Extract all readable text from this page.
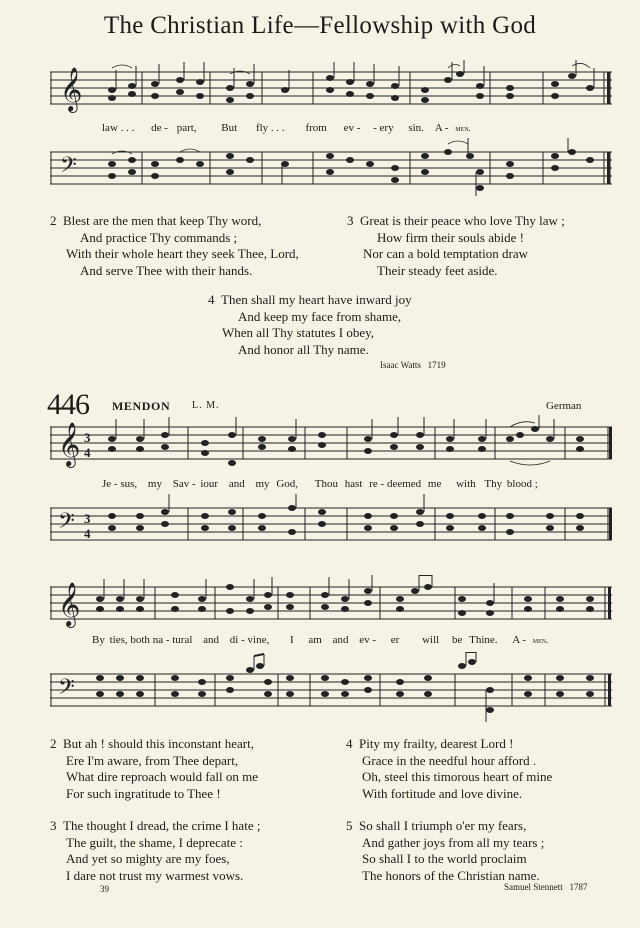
The Christian Life—Fellowship with God
𝄞
law . . . de - part, But fly . . . from ev - - ery sin. A - men.
𝄢
2 Blest are the men that keep Thy word,
And practice Thy commands ;
With their whole heart they seek Thee, Lord,
And serve Thee with their hands.
3 Great is their peace who love Thy law ;
How firm their souls abide !
Nor can a bold temptation draw
Their steady feet aside.
4 Then shall my heart have inward joy
And keep my face from shame,
When all Thy statutes I obey,
And honor all Thy name.
Isaac Watts 1719
446 MENDON L. M.	German
𝄞 3
4
Je - sus, my Sav - iour and my God, Thou hast re - deemed me with Thy blood ;
𝄢 3
4
𝄞
By ties, both na - tural and di - vine, I am and ev - er will be Thine. A - men.
𝄢
2 But ah ! should this inconstant heart,
Ere I'm aware, from Thee depart,
What dire reproach would fall on me
For such ingratitude to Thee !
4 Pity my frailty, dearest Lord !
Grace in the needful hour afford .
Oh, steel this timorous heart of mine
With fortitude and love divine.
3 The thought I dread, the crime I hate ;
The guilt, the shame, I deprecate :
And yet so mighty are my foes,
I dare not trust my warmest vows.
5 So shall I triumph o'er my fears,
And gather joys from all my tears ;
So shall I to the world proclaim
The honors of the Christian name.
Samuel Stennett 1787
39
